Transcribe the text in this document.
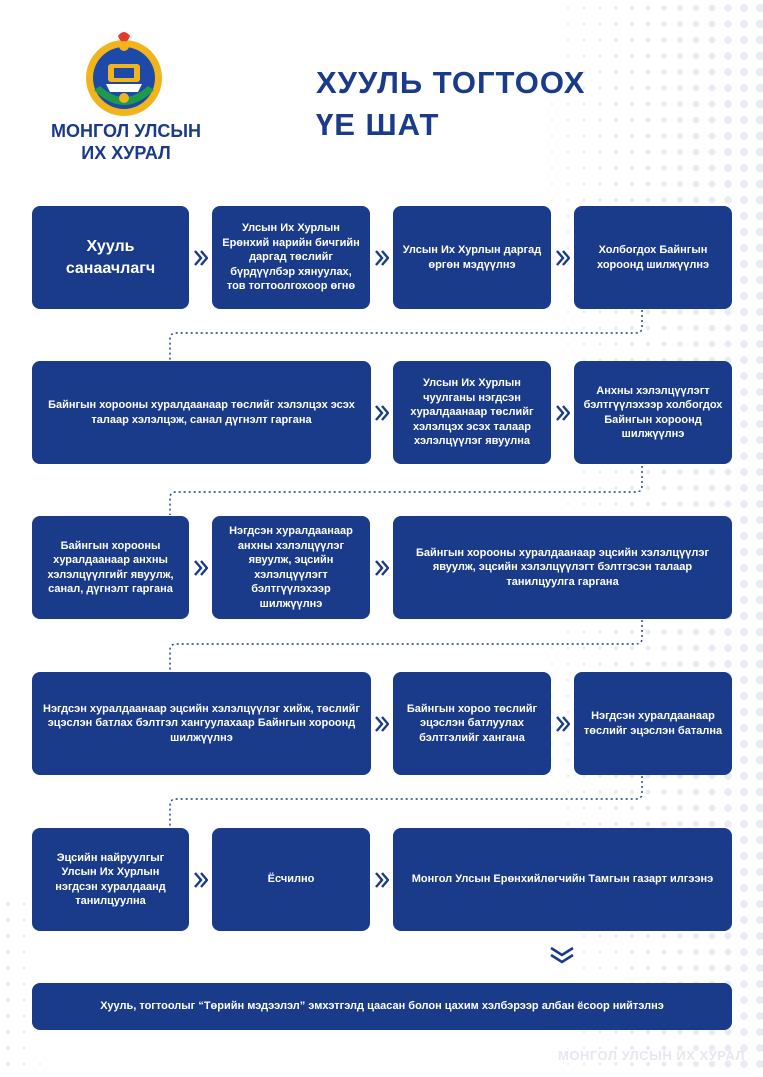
МОНГОЛ УЛСЫН
ИХ ХУРАЛ
ХУУЛЬ ТОГТООХ
ҮЕ ШАТ
Хууль санаачлагч
Улсын Их Хурлын Ерөнхий нарийн бичгийн даргад төслийг бүрдүүлбэр хянуулах, тов тогтоолгохоор өгнө
Улсын Их Хурлын даргад өргөн мэдүүлнэ
Холбогдох Байнгын хороонд шилжүүлнэ
Байнгын хорооны хуралдаанаар төслийг хэлэлцэх эсэх талаар хэлэлцэж, санал дүгнэлт гаргана
Улсын Их Хурлын чуулганы нэгдсэн хуралдаанаар төслийг хэлэлцэх эсэх талаар хэлэлцүүлэг явуулна
Анхны хэлэлцүүлэгт бэлтгүүлэхээр холбогдох Байнгын хороонд шилжүүлнэ
Байнгын хорооны хуралдаанаар анхны хэлэлцүүлгийг явуулж, санал, дүгнэлт гаргана
Нэгдсэн хуралдаанаар анхны хэлэлцүүлэг явуулж, эцсийн хэлэлцүүлэгт бэлтгүүлэхээр шилжүүлнэ
Байнгын хорооны хуралдаанаар эцсийн хэлэлцүүлэг явуулж, эцсийн хэлэлцүүлэгт бэлтгэсэн талаар танилцуулга гаргана
Нэгдсэн хуралдаанаар эцсийн хэлэлцүүлэг хийж, төслийг эцэслэн батлах бэлтгэл хангуулахаар Байнгын хороонд шилжүүлнэ
Байнгын хороо төслийг эцэслэн батлуулах бэлтгэлийг хангана
Нэгдсэн хуралдаанаар төслийг эцэслэн батална
Эцсийн найруулгыг Улсын Их Хурлын нэгдсэн хуралдаанд танилцуулна
Ёсчилно	Монгол Улсын Ерөнхийлөгчийн Тамгын газарт илгээнэ
Хууль, тогтоолыг “Төрийн мэдээлэл” эмхэтгэлд цаасан болон цахим хэлбэрээр албан ёсоор нийтэлнэ
МОНГОЛ УЛСЫН ИХ ХУРАЛ
